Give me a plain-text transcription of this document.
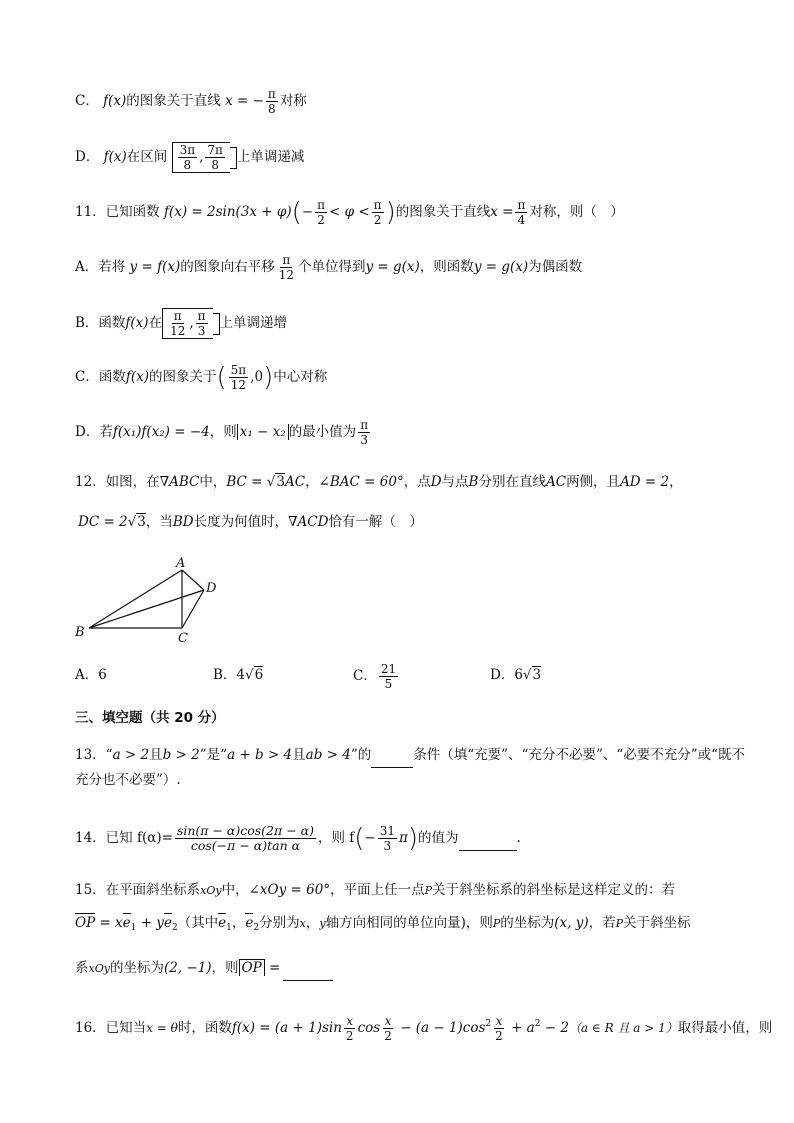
C． f(x)的图象关于直线 x = − $\frac{\pi}{8}$ 对称
D． f(x)在区间 $\frac{3\pi}{8}$ , $\frac{7\pi}{8}$ 上单调递减
11．已知函数 $f(x) = 2\sin(3x + \varphi)(- \frac{\pi}{2} < \varphi < \frac{\pi}{2}$ )的图象关于直线$x = \frac{\pi}{4}$ 对称，则（　）
A．若将 y = f(x)的图象向右平移 $\frac{\pi}{12}$ 个单位得到y = g(x)，则函数y = g(x)为偶函数
B．函数f(x)在 $\frac{\pi}{12}$ , $\frac{\pi}{3}$ 上单调递增
C．函数f(x)的图象关于( $\frac{5\pi}{12} ,0$)中心对称
D．若f(x₁)f(x₂) = −4，则 x₁ − x₂ 的最小值为 $\frac{\pi}{3}$
12．如图，在∇ABC中，BC = √3AC，∠BAC = 60°，点D与点B分别在直线AC两侧，且AD = 2，
DC = 2√3，当BD长度为何值时，∇ACD恰有一解（　）
A
B	C
D
A．6	B．4√6	C． $\frac{21}{5}$	D．6√3
三、填空题（共 20 分）
13．“a > 2且b > 2”是“a + b > 4且ab > 4”的	条件（填“充要”、“充分不必要”、“必要不充分”或“既不
充分也不必要”）.
14．已知 $f(\alpha)= \frac{\sin(\pi - \alpha)\cos(2\pi - \alpha)}{\text{cos(−π − α)tan α}}$ ，则 $f(- \frac{31}{3} \pi)$的值为	.
15．在平面斜坐标系xOy中，∠xOy = 60°，平面上任一点P关于斜坐标系的斜坐标是这样定义的：若
OP = $xe_1 + ye_2$（其中$e_1$，$e_2$分别为x，y轴方向相同的单位向量)，则P的坐标为(x, y)，若P关于斜坐标
系xOy的坐标为(2, −1)，则 OP =
16．已知当x = θ时，函数$f(x) = (a + 1)\sin \frac{x}{2}$ $\cos \frac{x}{2} - (a - 1)\cos^2 \frac{x}{2} + a^2 - 2(a$ ∈ R 且 a > 1）取得最小值，则
